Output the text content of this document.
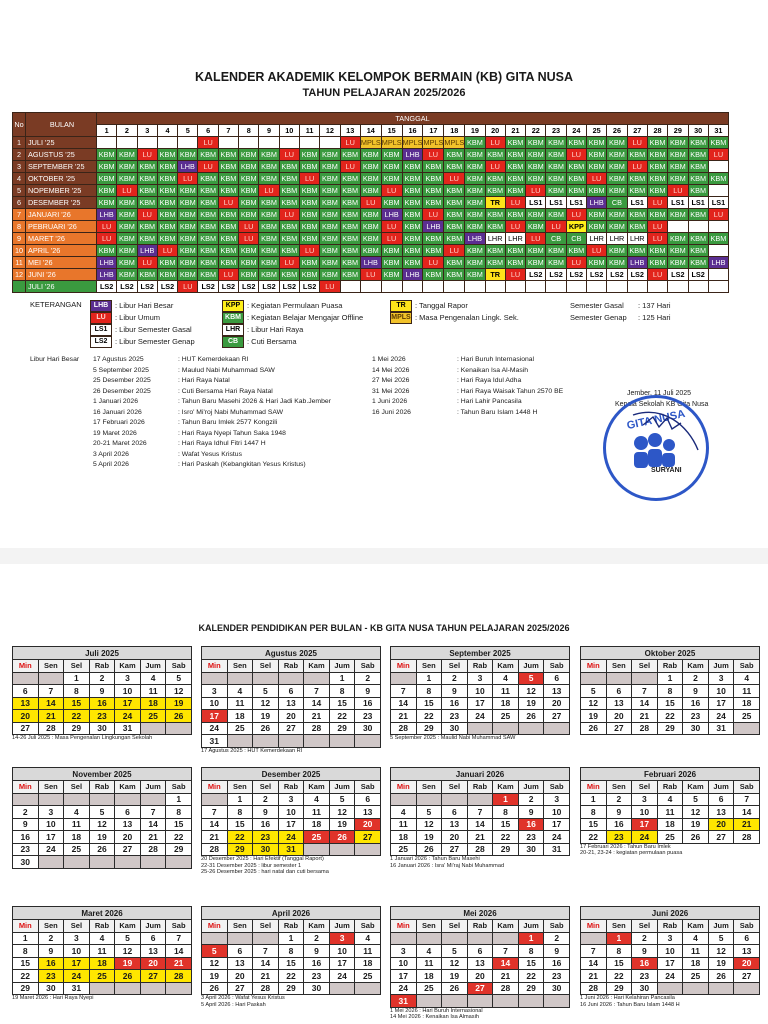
KALENDER AKADEMIK KELOMPOK BERMAIN (KB) GITA NUSA
TAHUN PELAJARAN 2025/2026
No	BULAN	TANGGAL																														
		1	2	3	4	5	6	7	8	9	10	11	12	13	14	15	16	17	18	19	20	21	22	23	24	25	26	27	28	29	30	31
1	JULI '25						LU							LU	MPLS	MPLS	MPLS	MPLS	MPLS	KBM	LU	KBM	KBM	KBM	KBM	KBM	KBM	LU	KBM	KBM	KBM	KBM
2	AGUSTUS '25	KBM	KBM	LU	KBM	KBM	KBM	KBM	KBM	KBM	LU	KBM	KBM	KBM	KBM	KBM	LHB	LU	KBM	KBM	KBM	KBM	KBM	KBM	LU	KBM	KBM	KBM	KBM	KBM	KBM	LU
3	SEPTEMBER '25	KBM	KBM	KBM	KBM	LHB	LU	KBM	KBM	KBM	KBM	KBM	KBM	LU	KBM	KBM	KBM	KBM	KBM	KBM	LU	KBM	KBM	KBM	KBM	KBM	KBM	LU	KBM	KBM	KBM	
4	OKTOBER '25	KBM	KBM	KBM	KBM	LU	KBM	KBM	KBM	KBM	KBM	LU	KBM	KBM	KBM	KBM	KBM	KBM	LU	KBM	KBM	KBM	KBM	KBM	KBM	LU	KBM	KBM	KBM	KBM	KBM	KBM
5	NOPEMBER '25	KBM	LU	KBM	KBM	KBM	KBM	KBM	KBM	LU	KBM	KBM	KBM	KBM	KBM	LU	KBM	KBM	KBM	KBM	KBM	KBM	LU	KBM	KBM	KBM	KBM	KBM	KBM	LU	KBM	
6	DESEMBER '25	KBM	KBM	KBM	KBM	KBM	KBM	LU	KBM	KBM	KBM	KBM	KBM	KBM	LU	KBM	KBM	KBM	KBM	KBM	TR	LU	LS1	LS1	LS1	LHB	CB	LS1	LU	LS1	LS1	LS1
7	JANUARI '26	LHB	KBM	LU	KBM	KBM	KBM	KBM	KBM	KBM	LU	KBM	KBM	KBM	KBM	LHB	KBM	LU	KBM	KBM	KBM	KBM	KBM	KBM	LU	KBM	KBM	KBM	KBM	KBM	KBM	LU
8	PEBRUARI '26	LU	KBM	KBM	KBM	KBM	KBM	KBM	LU	KBM	KBM	KBM	KBM	KBM	KBM	LU	KBM	LHB	KBM	KBM	KBM	LU	KBM	LU	KPP	KBM	KBM	KBM	LU			
9	MARET '26	LU	KBM	KBM	KBM	KBM	KBM	KBM	LU	KBM	KBM	KBM	KBM	KBM	KBM	LU	KBM	KBM	KBM	LHB	LHR	LHR	LU	CB	CB	LHR	LHR	LHR	LU	KBM	KBM	KBM
10	APRIL '26	KBM	KBM	LHB	LU	KBM	KBM	KBM	KBM	KBM	KBM	LU	KBM	KBM	KBM	KBM	KBM	KBM	LU	KBM	KBM	KBM	KBM	KBM	KBM	LU	KBM	KBM	KBM	KBM	KBM	
11	MEI '26	LHB	KBM	LU	KBM	KBM	KBM	KBM	KBM	KBM	LU	KBM	KBM	KBM	LHB	KBM	KBM	LU	KBM	KBM	KBM	KBM	KBM	KBM	LU	KBM	KBM	LHB	KBM	KBM	KBM	LHB
12	JUNI '26	LHB	KBM	KBM	KBM	KBM	KBM	LU	KBM	KBM	KBM	KBM	KBM	KBM	LU	KBM	LHB	KBM	KBM	KBM	TR	LU	LS2	LS2	LS2	LS2	LS2	LS2	LU	LS2	LS2	
	JULI '26	LS2	LS2	LS2	LS2	LU	LS2	LS2	LS2	LS2	LS2	LS2	LU																			
KETERANGAN	LHB : Libur Hari Besar
LU : Libur Umum
LS1 : Libur Semester Gasal
LS2 : Libur Semester Genap
KPP : Kegiatan Permulaan Puasa
KBM : Kegiatan Belajar Mengajar Offline
LHR : Libur Hari Raya
CB : Cuti Bersama
TR : Tanggal Rapor
MPLS : Masa Pengenalan Lingk. Sek.
Semester Gasal : 137 Hari
Semester Genap : 125 Hari
Libur Hari Besar 17 Agustus 2025	: HUT Kemerdekaan RI
5 September 2025	: Maulud Nabi Muhammad SAW
25 Desember 2025	: Hari Raya Natal
26 Desember 2025	: Cuti Bersama Hari Raya Natal
1 Januari 2026	: Tahun Baru Masehi 2026 & Hari Jadi Kab.Jember
16 Januari 2026	: Isro' Mi'roj Nabi Muhammad SAW
17 Februari 2026	: Tahun Baru Imlek 2577 Kongzili
19 Maret 2026	: Hari Raya Nyepi Tahun Saka 1948
20-21 Maret 2026	: Hari Raya Idhul Fitri 1447 H
3 April 2026	: Wafat Yesus Kristus
5 April 2026	: Hari Paskah (Kebangkitan Yesus Kristus)
1 Mei 2026	: Hari Buruh Internasional
14 Mei 2026	: Kenaikan Isa Al-Masih
27 Mei 2026	: Hari Raya Idul Adha
31 Mei 2026	: Hari Raya Waisak Tahun 2570 BE
1 Juni 2026	: Hari Lahir Pancasila
16 Juni 2026	: Tahun Baru Islam 1448 H
Jember, 11 Juli 2025
Kepala Sekolah KB Gita Nusa
GITA NUSA
SURYANI
KALENDER PENDIDIKAN PER BULAN - KB GITA NUSA TAHUN PELAJARAN 2025/2026
Juli 2025						
Min	Sen	Sel	Rab	Kam	Jum	Sab
		1	2	3	4	5
6	7	8	9	10	11	12
13	14	15	16	17	18	19
20	21	22	23	24	25	26
27	28	29	30	31		
14-26 Juli 2025 : Masa Pengenalan Lingkungan Sekolah
Agustus 2025						
Min	Sen	Sel	Rab	Kam	Jum	Sab
					1	2
3	4	5	6	7	8	9
10	11	12	13	14	15	16
17	18	19	20	21	22	23
24	25	26	27	28	29	30
31						
17 Agustus 2025 : HUT Kemerdekaan RI
September 2025						
Min	Sen	Sel	Rab	Kam	Jum	Sab
	1	2	3	4	5	6
7	8	9	10	11	12	13
14	15	16	17	18	19	20
21	22	23	24	25	26	27
28	29	30				
5 September 2025 : Maulid Nabi Muhammad SAW
Oktober 2025						
Min	Sen	Sel	Rab	Kam	Jum	Sab
			1	2	3	4
5	6	7	8	9	10	11
12	13	14	15	16	17	18
19	20	21	22	23	24	25
26	27	28	29	30	31	
November 2025						
Min	Sen	Sel	Rab	Kam	Jum	Sab
						1
2	3	4	5	6	7	8
9	10	11	12	13	14	15
16	17	18	19	20	21	22
23	24	25	26	27	28	29
30						
Desember 2025						
Min	Sen	Sel	Rab	Kam	Jum	Sab
	1	2	3	4	5	6
7	8	9	10	11	12	13
14	15	16	17	18	19	20
21	22	23	24	25	26	27
28	29	30	31			
20 Desember 2025 : Hari Efektif (Tanggal Raport)
22-31 Desember 2025 : libur semester 1
25-26 Desember 2025 : hari natal dan cuti bersama
Januari 2026						
Min	Sen	Sel	Rab	Kam	Jum	Sab
				1	2	3
4	5	6	7	8	9	10
11	12	13	14	15	16	17
18	19	20	21	22	23	24
25	26	27	28	29	30	31
1 Januari 2026 : Tahun Baru Masehi
16 Januari 2026 : Isra' Mi'raj Nabi Muhammad
Februari 2026						
Min	Sen	Sel	Rab	Kam	Jum	Sab
1	2	3	4	5	6	7
8	9	10	11	12	13	14
15	16	17	18	19	20	21
22	23	24	25	26	27	28
17 Februari 2026 : Tahun Baru Imlek
20-21, 23-24 : kegiatan permulaan puasa
Maret 2026						
Min	Sen	Sel	Rab	Kam	Jum	Sab
1	2	3	4	5	6	7
8	9	10	11	12	13	14
15	16	17	18	19	20	21
22	23	24	25	26	27	28
29	30	31				
19 Maret 2026 : Hari Raya Nyepi
April 2026						
Min	Sen	Sel	Rab	Kam	Jum	Sab
			1	2	3	4
5	6	7	8	9	10	11
12	13	14	15	16	17	18
19	20	21	22	23	24	25
26	27	28	29	30		
3 April 2026 : Wafat Yesus Kristus
5 April 2026 : Hari Paskah
Mei 2026						
Min	Sen	Sel	Rab	Kam	Jum	Sab
					1	2
3	4	5	6	7	8	9
10	11	12	13	14	15	16
17	18	19	20	21	22	23
24	25	26	27	28	29	30
31						
1 Mei 2026 : Hari Buruh Internasional
14 Mei 2026 : Kenaikan Isa Almasih
Juni 2026						
Min	Sen	Sel	Rab	Kam	Jum	Sab
	1	2	3	4	5	6
7	8	9	10	11	12	13
14	15	16	17	18	19	20
21	22	23	24	25	26	27
28	29	30				
1 Juni 2026 : Hari Kelahiran Pancasila
16 Juni 2026 : Tahun Baru Islam 1448 H
